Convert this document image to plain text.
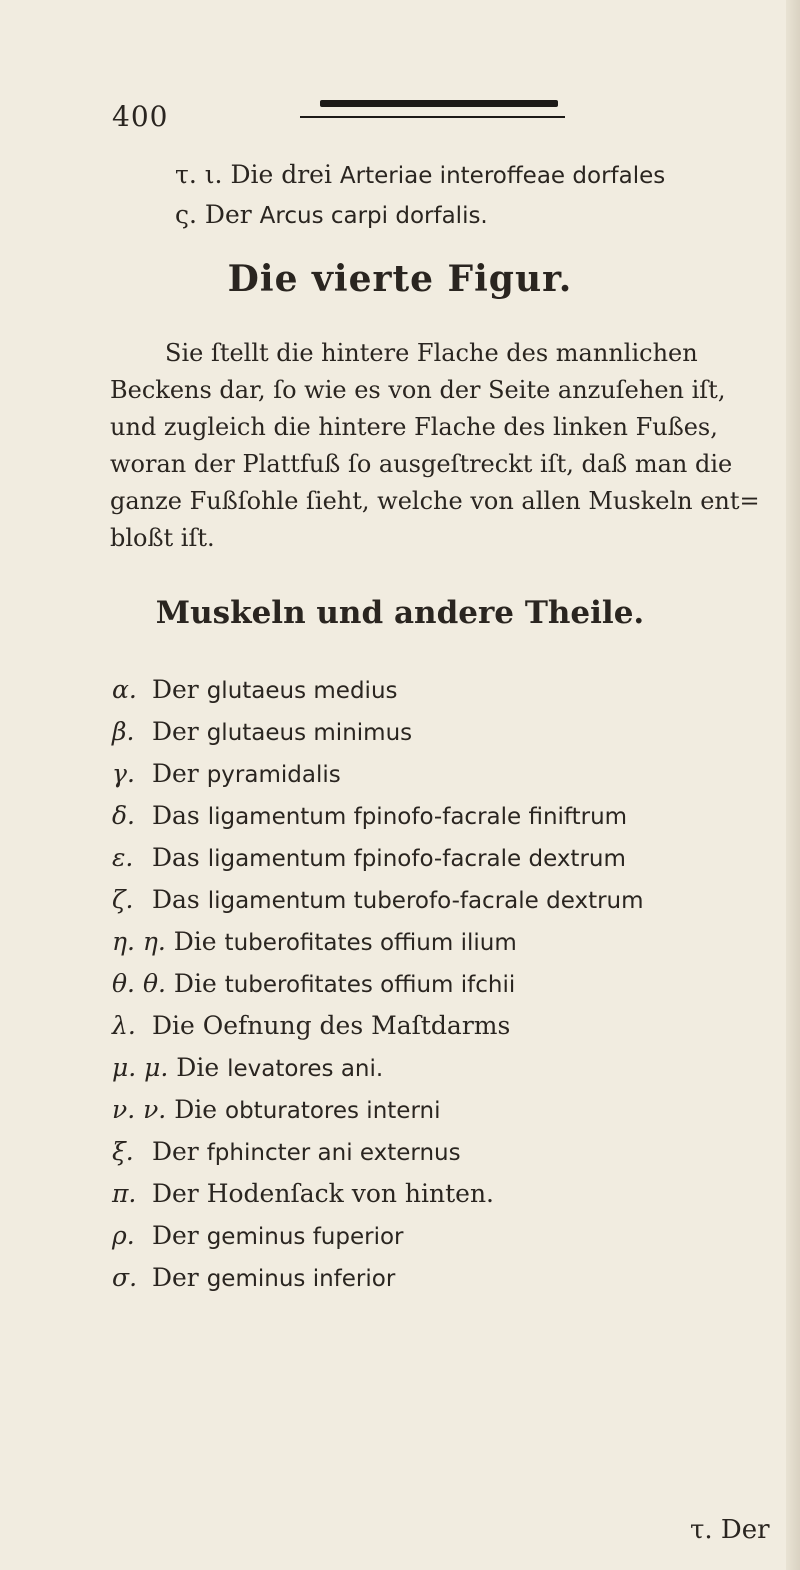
400
τ. ι. Die drei Arteriae interoffeae dorfales
ς. Der Arcus carpi dorfalis.
Die vierte Figur.
Sie ſtellt die hintere Flache des mannlichen
Beckens dar, ſo wie es von der Seite anzuſehen iſt,
und zugleich die hintere Flache des linken Fußes,
woran der Plattfuß ſo ausgeſtreckt iſt, daß man die
ganze Fußſohle ſieht, welche von allen Muskeln ent=
bloßt iſt.
Muskeln und andere Theile.
α. Der glutaeus medius
β. Der glutaeus minimus
γ. Der pyramidalis
δ. Das ligamentum fpinofo-facrale finiftrum
ε. Das ligamentum fpinofo-facrale dextrum
ζ. Das ligamentum tuberofo-facrale dextrum
η. η. Die tuberofitates offium ilium
θ. θ. Die tuberofitates offium ifchii
λ. Die Oefnung des Maſtdarms
μ. μ. Die levatores ani.
ν. ν. Die obturatores interni
ξ. Der fphincter ani externus
π. Der Hodenſack von hinten.
ρ. Der geminus fuperior
σ. Der geminus inferior
τ. Der
